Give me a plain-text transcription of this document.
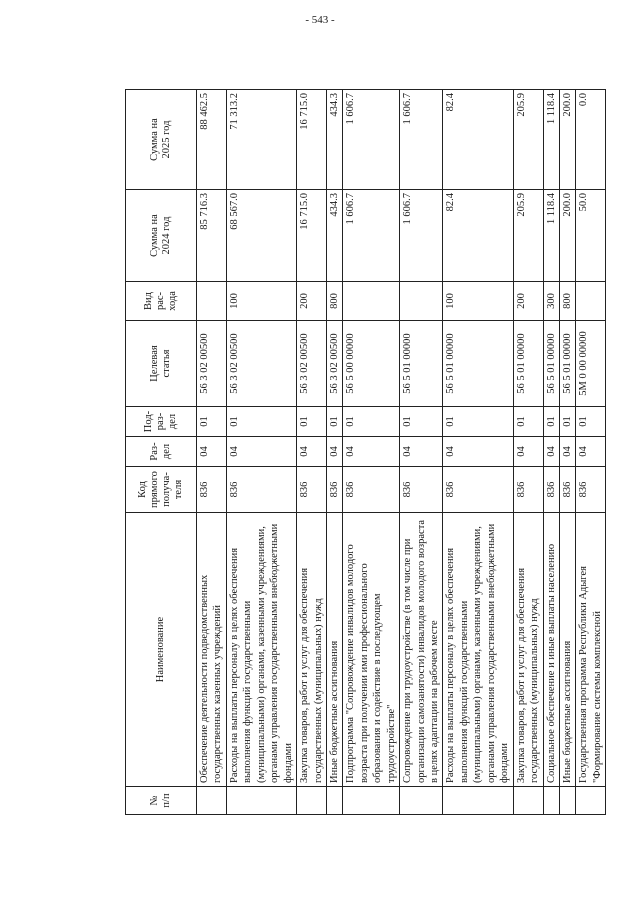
- 543 -
№
п/п	Наименование	Код прямого
получа-
теля	Раз-
дел	Под-
раз-
дел	Целевая
статья	Вид
рас-
хода	Сумма на
2024 год	Сумма на
2025 год
	Обеспечение деятельности подведомственных государственных казенных учреждений	836	04	01	56 3 02 00500		85 716.3	88 462.5
	Расходы на выплаты персоналу в целях обеспечения выполнения функций государственными (муниципальными) органами, казенными учреждениями, органами управления государственными внебюджетными фондами	836	04	01	56 3 02 00500	100	68 567.0	71 313.2
	Закупка товаров, работ и услуг для обеспечения государственных (муниципальных) нужд	836	04	01	56 3 02 00500	200	16 715.0	16 715.0
	Иные бюджетные ассигнования	836	04	01	56 3 02 00500	800	434.3	434.3
	Подпрограмма "Сопровождение инвалидов молодого возраста при получении ими профессионального образования и содействие в последующем трудоустройстве"	836	04	01	56 5 00 00000		1 606.7	1 606.7
	Сопровождение при трудоустройстве (в том числе при организации самозанятости) инвалидов молодого возраста в целях адаптации на рабочем месте	836	04	01	56 5 01 00000		1 606.7	1 606.7
	Расходы на выплаты персоналу в целях обеспечения выполнения функций государственными (муниципальными) органами, казенными учреждениями, органами управления государственными внебюджетными фондами	836	04	01	56 5 01 00000	100	82.4	82.4
	Закупка товаров, работ и услуг для обеспечения государственных (муниципальных) нужд	836	04	01	56 5 01 00000	200	205.9	205.9
	Социальное обеспечение и иные выплаты населению	836	04	01	56 5 01 00000	300	1 118.4	1 118.4
	Иные бюджетные ассигнования	836	04	01	56 5 01 00000	800	200.0	200.0
	Государственная программа Республики Адыгея "Формирование системы комплексной	836	04	01	5М 0 00 00000		50.0	0.0
